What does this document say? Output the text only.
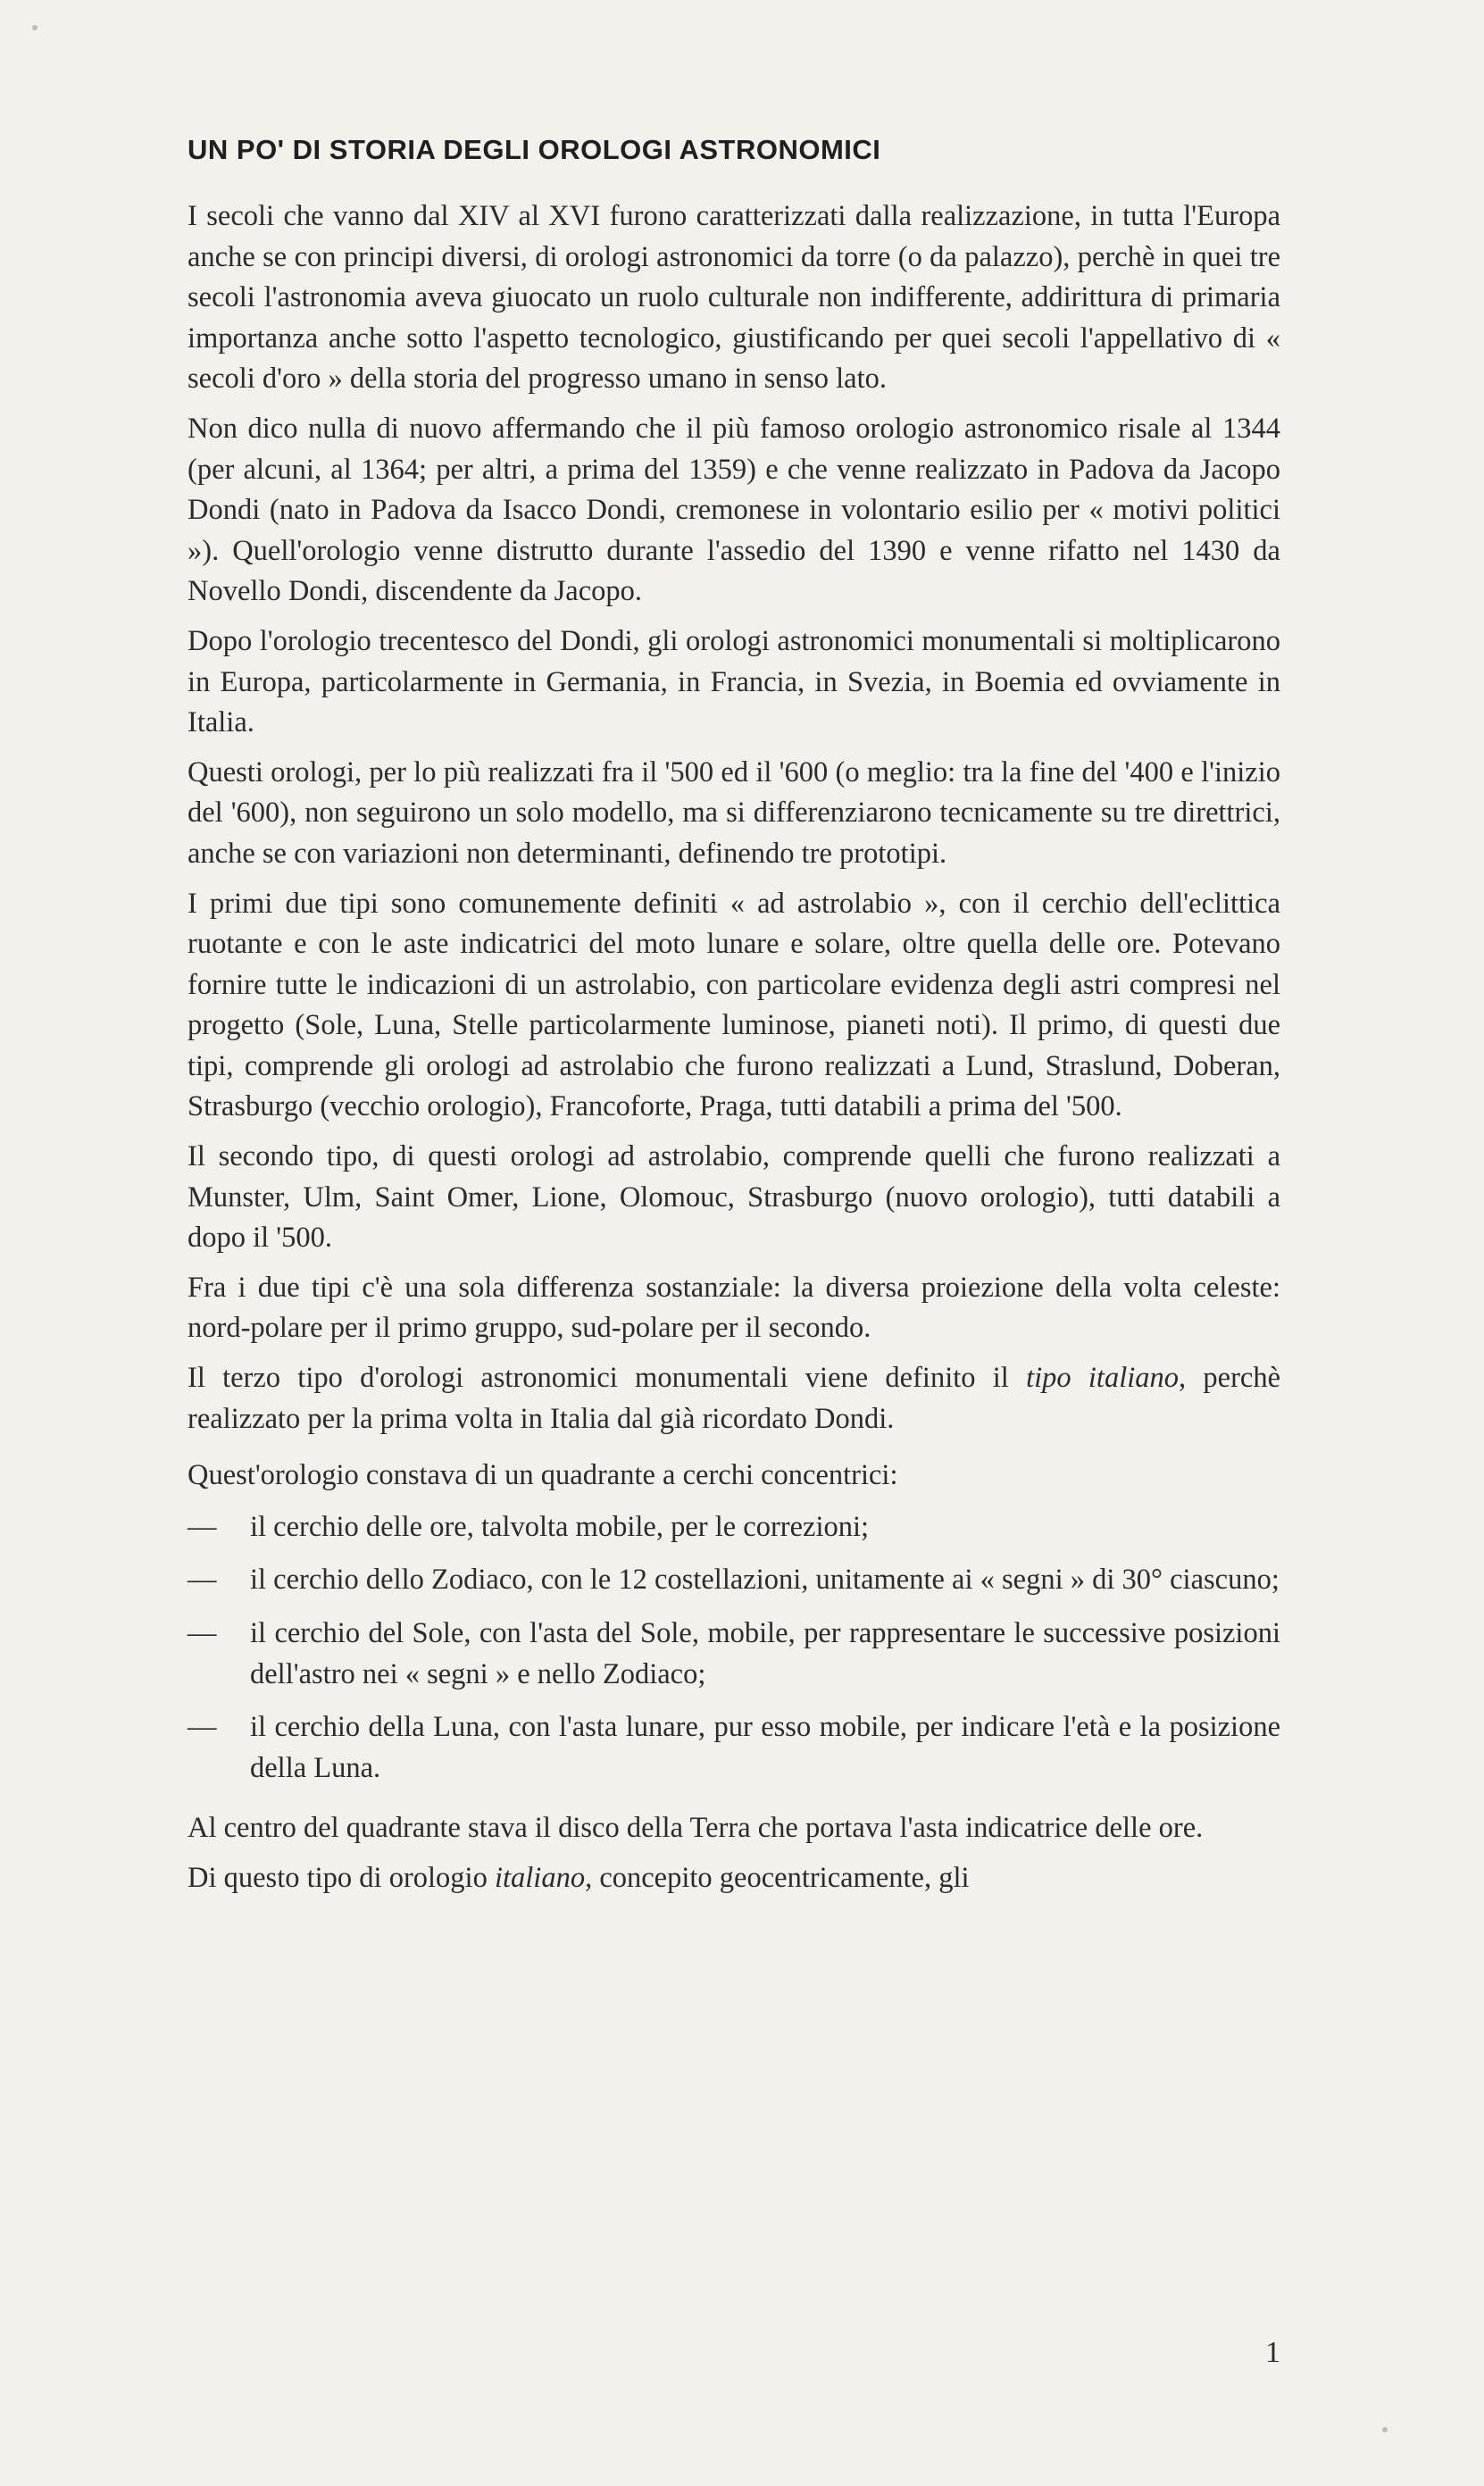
UN PO' DI STORIA DEGLI OROLOGI ASTRONOMICI

I secoli che vanno dal XIV al XVI furono caratterizzati dalla realizzazione, in tutta l'Europa anche se con principi diversi, di orologi astronomici da torre (o da palazzo), perchè in quei tre secoli l'astronomia aveva giuocato un ruolo culturale non indifferente, addirittura di primaria importanza anche sotto l'aspetto tecnologico, giustificando per quei secoli l'appellativo di « secoli d'oro » della storia del progresso umano in senso lato.

Non dico nulla di nuovo affermando che il più famoso orologio astronomico risale al 1344 (per alcuni, al 1364; per altri, a prima del 1359) e che venne realizzato in Padova da Jacopo Dondi (nato in Padova da Isacco Dondi, cremonese in volontario esilio per « motivi politici »). Quell'orologio venne distrutto durante l'assedio del 1390 e venne rifatto nel 1430 da Novello Dondi, discendente da Jacopo.

Dopo l'orologio trecentesco del Dondi, gli orologi astronomici monumentali si moltiplicarono in Europa, particolarmente in Germania, in Francia, in Svezia, in Boemia ed ovviamente in Italia.

Questi orologi, per lo più realizzati fra il '500 ed il '600 (o meglio: tra la fine del '400 e l'inizio del '600), non seguirono un solo modello, ma si differenziarono tecnicamente su tre direttrici, anche se con variazioni non determinanti, definendo tre prototipi.

I primi due tipi sono comunemente definiti « ad astrolabio », con il cerchio dell'eclittica ruotante e con le aste indicatrici del moto lunare e solare, oltre quella delle ore. Potevano fornire tutte le indicazioni di un astrolabio, con particolare evidenza degli astri compresi nel progetto (Sole, Luna, Stelle particolarmente luminose, pianeti noti). Il primo, di questi due tipi, comprende gli orologi ad astrolabio che furono realizzati a Lund, Straslund, Doberan, Strasburgo (vecchio orologio), Francoforte, Praga, tutti databili a prima del '500.

Il secondo tipo, di questi orologi ad astrolabio, comprende quelli che furono realizzati a Munster, Ulm, Saint Omer, Lione, Olomouc, Strasburgo (nuovo orologio), tutti databili a dopo il '500.

Fra i due tipi c'è una sola differenza sostanziale: la diversa proiezione della volta celeste: nord-polare per il primo gruppo, sud-polare per il secondo.

Il terzo tipo d'orologi astronomici monumentali viene definito il tipo italiano, perchè realizzato per la prima volta in Italia dal già ricordato Dondi.

Quest'orologio constava di un quadrante a cerchi concentrici:

— il cerchio delle ore, talvolta mobile, per le correzioni;
— il cerchio dello Zodiaco, con le 12 costellazioni, unitamente ai « segni » di 30° ciascuno;
— il cerchio del Sole, con l'asta del Sole, mobile, per rappresentare le successive posizioni dell'astro nei « segni » e nello Zodiaco;
— il cerchio della Luna, con l'asta lunare, pur esso mobile, per indicare l'età e la posizione della Luna.

Al centro del quadrante stava il disco della Terra che portava l'asta indicatrice delle ore.

Di questo tipo di orologio italiano, concepito geocentricamente, gli

1
